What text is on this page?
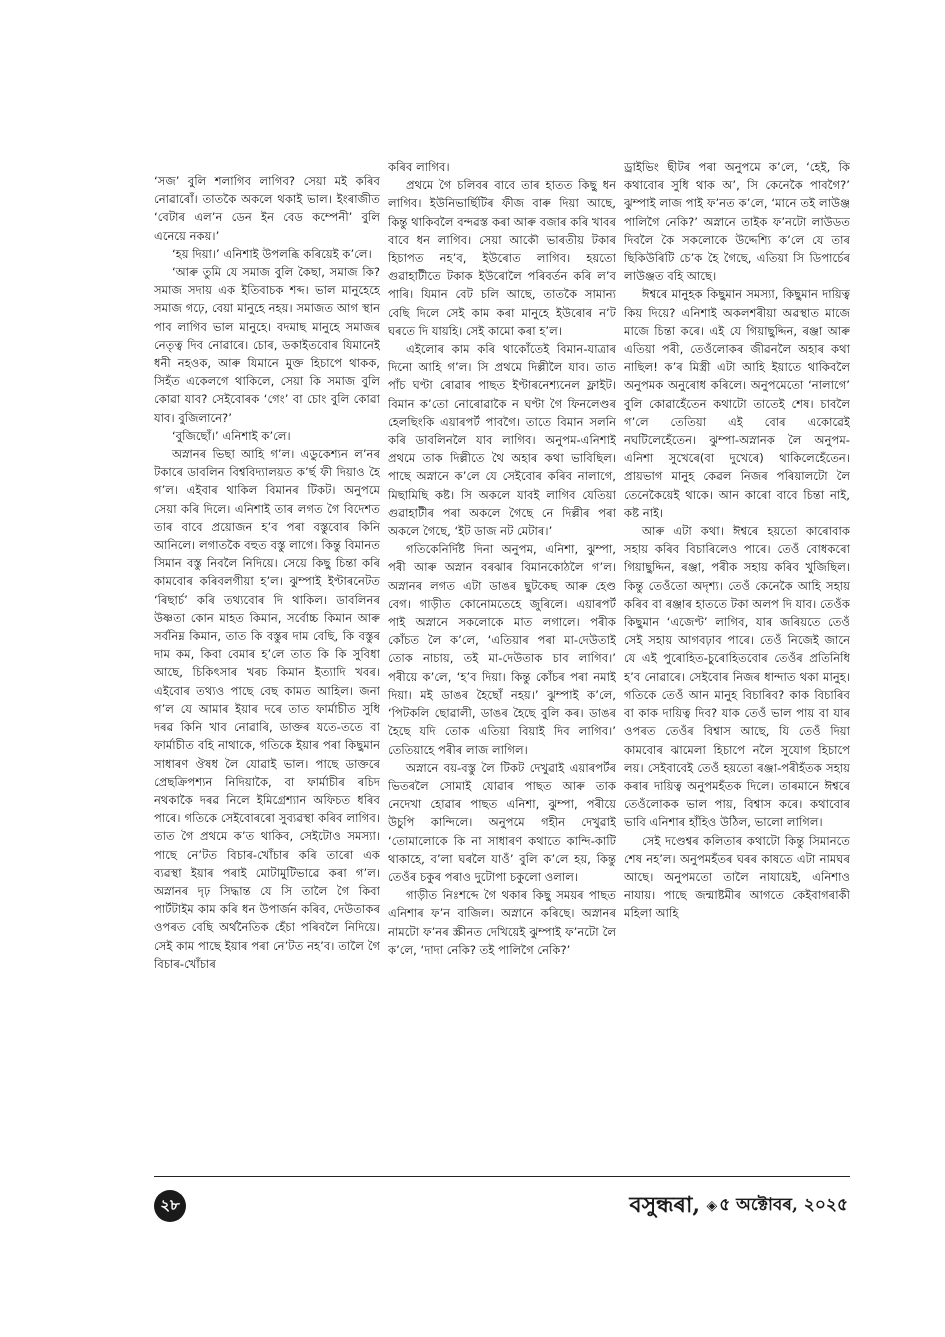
‘সজ’ বুলি শলাগিব লাগিব? সেয়া মই কৰিব নোৱাৰোঁ। তাতকৈ অকলে থকাই ভাল। ইংৰাজীত ‘বেটাৰ এল’ন ডেন ইন বেড কম্পেনী’ বুলি এনেয়ে নকয়।’

‘হয় দিয়া।’ এনিশাই উপলব্ধি কৰিয়েই ক’লে।

‘আৰু তুমি যে সমাজ বুলি কৈছা, সমাজ কি? সমাজ সদায় এক ইতিবাচক শব্দ। ভাল মানুহেহে সমাজ গঢ়ে, বেয়া মানুহে নহয়। সমাজত আগ স্থান পাব লাগিব ভাল মানুহে। বদমাছ মানুহে সমাজৰ নেতৃত্ব দিব নোৱাৰে। চোৰ, ডকাইতবোৰ যিমানেই ধনী নহওক, আৰু যিমানে মুক্ত হিচাপে থাকক, সিহঁত একেলগে থাকিলে, সেয়া কি সমাজ বুলি কোৱা যাব? সেইবোৰক ‘গেং’ বা চোং বুলি কোৱা যাব। বুজিলানে?’

‘বুজিছোঁ।’ এনিশাই ক’লে।

অস্নানৰ ভিছা আহি গ’ল। এডুকেশ্যন ল’নৰ টকাৰে ডাবলিন বিশ্ববিদ্যালয়ত ক’ৰ্ছ ফী দিয়াও হৈ গ’ল। এইবাৰ থাকিল বিমানৰ টিকট। অনুপমে সেয়া কৰি দিলে। এনিশাই তাৰ লগত গৈ বিদেশত তাৰ বাবে প্ৰয়োজন হ’ব পৰা বস্তুবোৰ কিনি আনিলে। লগাতকৈ বহুত বস্তু লাগে। কিন্তু বিমানত সিমান বস্তু নিবলৈ নিদিয়ে। সেয়ে কিছু চিন্তা কৰি কামবোৰ কৰিবলগীয়া হ’ল। ঝুম্পাই ইণ্টাৰনেটত ‘ৰিছাৰ্চ’ কৰি তথ্যবোৰ দি থাকিল। ডাবলিনৰ উষ্ণতা কোন মাহত কিমান, সৰ্বোচ্চ কিমান আৰু সৰ্বনিম্ন কিমান, তাত কি বস্তুৰ দাম বেছি, কি বস্তুৰ দাম কম, কিবা বেমাৰ হ’লে তাত কি কি সুবিধা আছে, চিকিৎসাৰ খৰচ কিমান ইত্যাদি খবৰ। এইবোৰ তথ্যও পাছে বেছ কামত আহিল। জনা গ’ল যে আমাৰ ইয়াৰ দৰে তাত ফাৰ্মাচীত সুধি দৰৱ কিনি খাব নোৱাৰি, ডাক্তৰ যতে-ততে বা ফাৰ্মাচীত বহি নাথাকে, গতিকে ইয়াৰ পৰা কিছুমান সাধাৰণ ঔষধ লৈ যোৱাই ভাল। পাছে ডাক্তৰে প্ৰেছক্ৰিপশ্যন নিদিয়াকৈ, বা ফাৰ্মাচীৰ ৰচিদ নথকাকৈ দৰৱ নিলে ইমিগ্ৰেশ্যান অফিচত ধৰিব পাৰে। গতিকে সেইবোৰৰো সুব্যৱস্থা কৰিব লাগিব। তাত গৈ প্ৰথমে ক’ত থাকিব, সেইটোও সমস্যা। পাছে নে’টত বিচাৰ-খোঁচাৰ কৰি তাৰো এক ব্যৱস্থা ইয়াৰ পৰাই মোটামুটিভাৱে কৰা গ’ল। অস্নানৰ দৃঢ় সিদ্ধান্ত যে সি তালৈ গৈ কিবা পাৰ্টটাইম কাম কৰি ধন উপাৰ্জন কৰিব, দেউতাকৰ ওপৰত বেছি অৰ্থনৈতিক হেঁচা পৰিবলৈ নিদিয়ে। সেই কাম পাছে ইয়াৰ পৰা নে’টত নহ’ব। তালৈ গৈ বিচাৰ-খোঁচাৰ

কৰিব লাগিব।

প্ৰথমে গৈ চলিবৰ বাবে তাৰ হাতত কিছু ধন লাগিব। ইউনিভাৰ্ছিটিৰ ফীজ বাৰু দিয়া আছে, কিন্তু থাকিবলৈ বন্দৱস্ত কৰা আৰু বজাৰ কৰি খাবৰ বাবে ধন লাগিব। সেয়া আকৌ ভাৰতীয় টকাৰ হিচাপত নহ’ব, ইউৰোত লাগিব। হয়তো গুৱাহাটীতে টকাক ইউৰোলৈ পৰিবৰ্তন কৰি ল’ব পাৰি। যিমান বেট চলি আছে, তাতকৈ সামান্য বেছি দিলে সেই কাম কৰা মানুহে ইউৰোৰ ন’ট ঘৰতে দি যায়হি। সেই কামো কৰা হ’ল।

এইলোৰ কাম কৰি থাকোঁতেই বিমান-যাত্ৰাৰ দিনো আহি গ’ল। সি প্ৰথমে দিল্লীলৈ যাব। তাত পাঁচ ঘণ্টা ৰোৱাৰ পাছত ইণ্টাৰনেশ্যনেল ফ্লাইট। বিমান ক’তো নোৰোৱাকৈ ন ঘণ্টা গৈ ফিনলেণ্ডৰ হেলছিংকি এয়াৰপৰ্ট পাবগৈ। তাতে বিমান সলনি কৰি ডাবলিনলৈ যাব লাগিব। অনুপম-এনিশাই প্ৰথমে তাক দিল্লীতে থৈ অহাৰ কথা ভাবিছিল। পাছে অস্নানে ক’লে যে সেইবোৰ কৰিব নালাগে, মিছামিছি কষ্ট। সি অকলে যাবই লাগিব যেতিয়া গুৱাহাটীৰ পৰা অকলে গৈছে নে দিল্লীৰ পৰা অকলে গৈছে, ‘ইট ডাজ নট মেটাৰ।’

গতিকেনিৰ্দিষ্ট দিনা অনুপম, এনিশা, ঝুম্পা, পৰী আৰু অস্নান বৰঝাৰ বিমানকোঠলৈ গ’ল। অস্নানৰ লগত এটা ডাঙৰ ছুটকেছ আৰু হেণ্ড বেগ। গাড়ীত কোনোমতেহে জুৰিলে। এয়াৰপৰ্ট পাই অস্নানে সকলোকে মাত লগালে। পৰীক কোঁচত লৈ ক’লে, ‘এতিয়াৰ পৰা মা-দেউতাই তোক নাচায়, তই মা-দেউতাক চাব লাগিব।’ পৰীয়ে ক’লে, ‘হ’ব দিয়া। কিন্তু কোঁচৰ পৰা নমাই দিয়া। মই ডাঙৰ হৈছোঁ নহয়।’ ঝুম্পাই ক’লে, ‘পিটকলি ছোৱালী, ডাঙৰ হৈছে বুলি কৰ। ডাঙৰ হৈছে যদি তোক এতিয়া বিয়াই দিব লাগিব।’ তেতিয়াহে পৰীৰ লাজ লাগিল।

অস্নানে বয়-বস্তু লৈ টিকট দেখুৱাই এয়াৰপৰ্টৰ ভিতৰলৈ সোমাই যোৱাৰ পাছত আৰু তাক নেদেখা হোৱাৰ পাছত এনিশা, ঝুম্পা, পৰীয়ে উচুপি কান্দিলে। অনুপমে গহীন দেখুৱাই ‘তোমালোকে কি না সাধাৰণ কথাতে কান্দি-কাটি থাকাহে, ব’লা ঘৰলৈ যাওঁ’ বুলি ক’লে হয়, কিন্তু তেওঁৰ চকুৰ পৰাও দুটোপা চকুলো ওলাল।

গাড়ীত নিঃশব্দে গৈ থকাৰ কিছু সময়ৰ পাছত এনিশাৰ ফ’ন বাজিল। অস্নানে কৰিছে। অস্নানৰ নামটো ফ’নৰ স্ক্ৰীনত দেখিয়েই ঝুম্পাই ফ’নটো লৈ ক’লে, ‘দাদা নেকি? তই পালিগৈ নেকি?’

ড্ৰাইভিং ছীটৰ পৰা অনুপমে ক’লে, ‘হেই, কি কথাবোৰ সুধি থাক অ’, সি কেনেকৈ পাবগৈ?’ ঝুম্পাই লাজ পাই ফ’নত ক’লে, ‘মানে তই লাউঞ্জ পালিগৈ নেকি?’ অস্নানে তাইক ফ’নটো লাউডত দিবলৈ কৈ সকলোকে উদ্দেশ্যি ক’লে যে তাৰ ছিকিউৰিটি চে’ক হৈ গৈছে, এতিয়া সি ডিপাৰ্চেৰ লাউঞ্জত বহি আছে।

ঈশ্বৰে মানুহক কিছুমান সমস্যা, কিছুমান দায়িত্ব কিয় দিয়ে? এনিশাই অকলশৰীয়া অৱস্থাত মাজে মাজে চিন্তা কৰে। এই যে গিয়াছুদ্দিন, ৰঞ্জা আৰু এতিয়া পৰী, তেওঁলোকৰ জীৱনলৈ অহাৰ কথা নাছিল! ক’ৰ মিস্ত্ৰী এটা আহি ইয়াতে থাকিবলৈ অনুপমক অনুৰোধ কৰিলে। অনুপমেতো ‘নালাগে’ বুলি কোৱাহেঁতেন কথাটো তাতেই শেষ। চাবলৈ গ’লে তেতিয়া এই বোৰ একোৱেই নঘটিলেহেঁতেন। ঝুম্পা-অস্নানক লৈ অনুপম-এনিশা সুখেৰে(বা দুখেৰে) থাকিলেহেঁতেন। প্ৰায়ভাগ মানুহ কেৱল নিজৰ পৰিয়ালটো লৈ তেনেকৈয়েই থাকে। আন কাৰো বাবে চিন্তা নাই, কষ্ট নাই।

আৰু এটা কথা। ঈশ্বৰে হয়তো কাৰোবাক সহায় কৰিব বিচাৰিলেও পাৰে। তেওঁ বোধকৰো গিয়াছুদ্দিন, ৰঞ্জা, পৰীক সহায় কৰিব খুজিছিল। কিন্তু তেওঁতো অদৃশ্য। তেওঁ কেনেকৈ আহি সহায় কৰিব বা ৰঞ্জাৰ হাততে টকা অলপ দি যাব। তেওঁক কিছুমান ‘এজেণ্ট’ লাগিব, যাৰ জৰিয়তে তেওঁ সেই সহায় আগবঢ়াব পাৰে। তেওঁ নিজেই জানে যে এই পুৰোহিত-চুৰোহিতবোৰ তেওঁৰ প্ৰতিনিধি হ’ব নোৱাৰে। সেইবোৰ নিজৰ ধান্দাত থকা মানুহ। গতিকে তেওঁ আন মানুহ বিচাৰিব? কাক বিচাৰিব বা কাক দায়িত্ব দিব? যাক তেওঁ ভাল পায় বা যাৰ ওপৰত তেওঁৰ বিশ্বাস আছে, যি তেওঁ দিয়া কামবোৰ ঝামেলা হিচাপে নলৈ সুযোগ হিচাপে লয়। সেইবাবেই তেওঁ হয়তো ৰঞ্জা-পৰীহঁতক সহায় কৰাৰ দায়িত্ব অনুপমহঁতক দিলে। তাৰমানে ঈশ্বৰে তেওঁলোকক ভাল পায়, বিশ্বাস কৰে। কথাবোৰ ভাবি এনিশাৰ হাঁহিও উঠিল, ভালো লাগিল।

সেই দণ্ডেশ্বৰ কলিতাৰ কথাটো কিন্তু সিমানতে শেষ নহ’ল। অনুপমহঁতৰ ঘৰৰ কাষতে এটা নামঘৰ আছে। অনুপমতো তালৈ নাযায়েই, এনিশাও নাযায়। পাছে জন্মাষ্টমীৰ আগতে কেইবাগৰাকী মহিলা আহি

২৮	বসুন্ধৰা, ◈ ৫ অক্টোবৰ, ২০২৫
